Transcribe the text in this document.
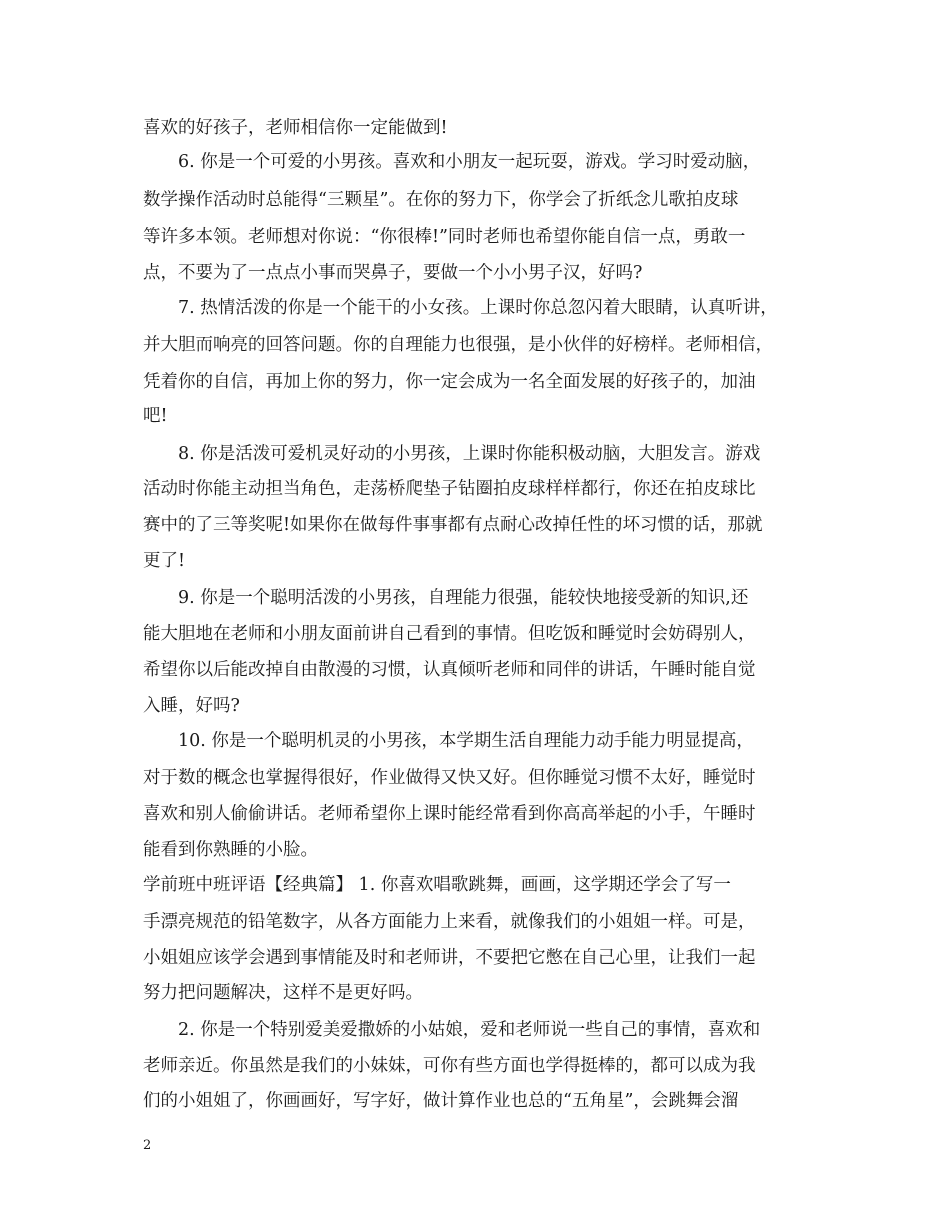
喜欢的好孩子，老师相信你一定能做到!
6. 你是一个可爱的小男孩。喜欢和小朋友一起玩耍，游戏。学习时爱动脑，
数学操作活动时总能得“三颗星”。在你的努力下，你学会了折纸念儿歌拍皮球
等许多本领。老师想对你说：“你很棒!”同时老师也希望你能自信一点，勇敢一
点，不要为了一点点小事而哭鼻子，要做一个小小男子汉，好吗?
7. 热情活泼的你是一个能干的小女孩。上课时你总忽闪着大眼睛，认真听讲，
并大胆而响亮的回答问题。你的自理能力也很强，是小伙伴的好榜样。老师相信，
凭着你的自信，再加上你的努力，你一定会成为一名全面发展的好孩子的，加油
吧!
8. 你是活泼可爱机灵好动的小男孩，上课时你能积极动脑，大胆发言。游戏
活动时你能主动担当角色，走荡桥爬垫子钻圈拍皮球样样都行，你还在拍皮球比
赛中的了三等奖呢!如果你在做每件事事都有点耐心改掉任性的坏习惯的话，那就
更了!
9. 你是一个聪明活泼的小男孩，自理能力很强，能较快地接受新的知识,还
能大胆地在老师和小朋友面前讲自己看到的事情。但吃饭和睡觉时会妨碍别人，
希望你以后能改掉自由散漫的习惯，认真倾听老师和同伴的讲话，午睡时能自觉
入睡，好吗?
10. 你是一个聪明机灵的小男孩，本学期生活自理能力动手能力明显提高，
对于数的概念也掌握得很好，作业做得又快又好。但你睡觉习惯不太好，睡觉时
喜欢和别人偷偷讲话。老师希望你上课时能经常看到你高高举起的小手，午睡时
能看到你熟睡的小脸。
学前班中班评语【经典篇】 1. 你喜欢唱歌跳舞，画画，这学期还学会了写一
手漂亮规范的铅笔数字，从各方面能力上来看，就像我们的小姐姐一样。可是，
小姐姐应该学会遇到事情能及时和老师讲，不要把它憋在自己心里，让我们一起
努力把问题解决，这样不是更好吗。
2. 你是一个特别爱美爱撒娇的小姑娘，爱和老师说一些自己的事情，喜欢和
老师亲近。你虽然是我们的小妹妹，可你有些方面也学得挺棒的，都可以成为我
们的小姐姐了，你画画好，写字好，做计算作业也总的“五角星”，会跳舞会溜
2
